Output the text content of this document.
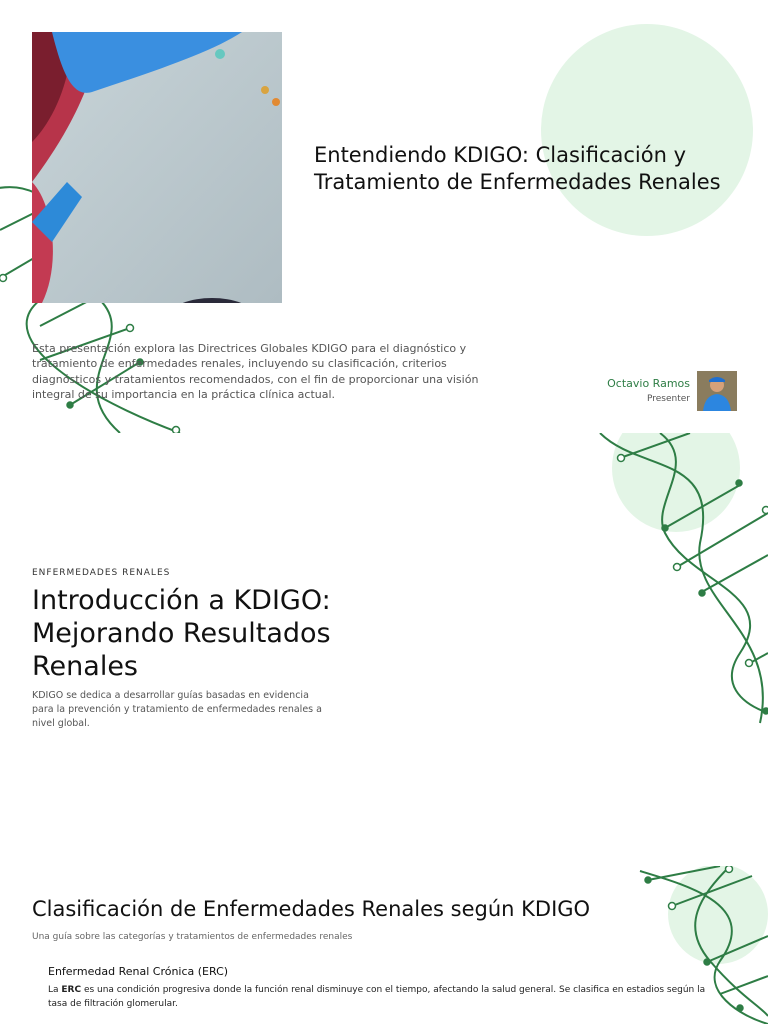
Entendiendo KDIGO: Clasificación y Tratamiento de Enfermedades Renales
Esta presentación explora las Directrices Globales KDIGO para el diagnóstico y tratamiento de enfermedades renales, incluyendo su clasificación, criterios diagnósticos y tratamientos recomendados, con el fin de proporcionar una visión integral de su importancia en la práctica clínica actual.
Octavio Ramos
Presenter
ENFERMEDADES RENALES
Introducción a KDIGO: Mejorando Resultados Renales
KDIGO se dedica a desarrollar guías basadas en evidencia para la prevención y tratamiento de enfermedades renales a nivel global.
Clasificación de Enfermedades Renales según KDIGO
Una guía sobre las categorías y tratamientos de enfermedades renales
Enfermedad Renal Crónica (ERC)
La ERC es una condición progresiva donde la función renal disminuye con el tiempo, afectando la salud general. Se clasifica en estadios según la tasa de filtración glomerular.
